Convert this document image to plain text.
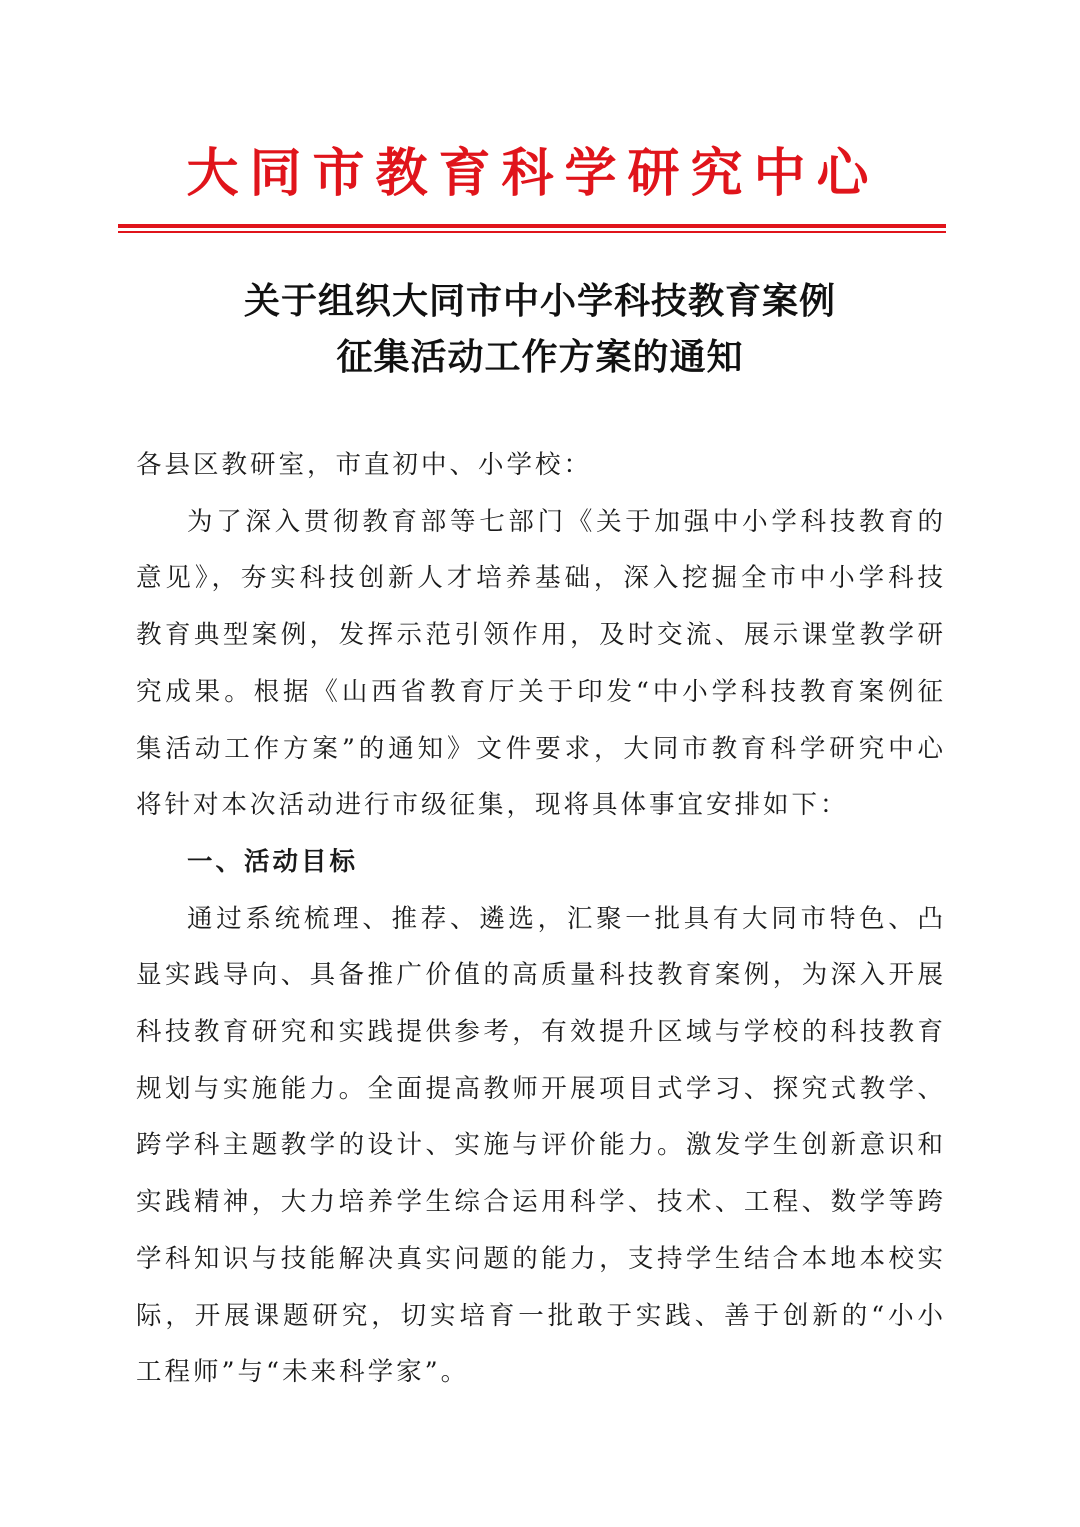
大同市教育科学研究中心
关于组织大同市中小学科技教育案例
征集活动工作方案的通知

各县区教研室，市直初中、小学校：

为了深入贯彻教育部等七部门《关于加强中小学科技教育的意见》，夯实科技创新人才培养基础，深入挖掘全市中小学科技教育典型案例，发挥示范引领作用，及时交流、展示课堂教学研究成果。根据《山西省教育厅关于印发“中小学科技教育案例征集活动工作方案”的通知》文件要求，大同市教育科学研究中心将针对本次活动进行市级征集，现将具体事宜安排如下：

一、活动目标

通过系统梳理、推荐、遴选，汇聚一批具有大同市特色、凸显实践导向、具备推广价值的高质量科技教育案例，为深入开展科技教育研究和实践提供参考，有效提升区域与学校的科技教育规划与实施能力。全面提高教师开展项目式学习、探究式教学、跨学科主题教学的设计、实施与评价能力。激发学生创新意识和实践精神，大力培养学生综合运用科学、技术、工程、数学等跨学科知识与技能解决真实问题的能力，支持学生结合本地本校实际，开展课题研究，切实培育一批敢于实践、善于创新的“小小工程师”与“未来科学家”。
